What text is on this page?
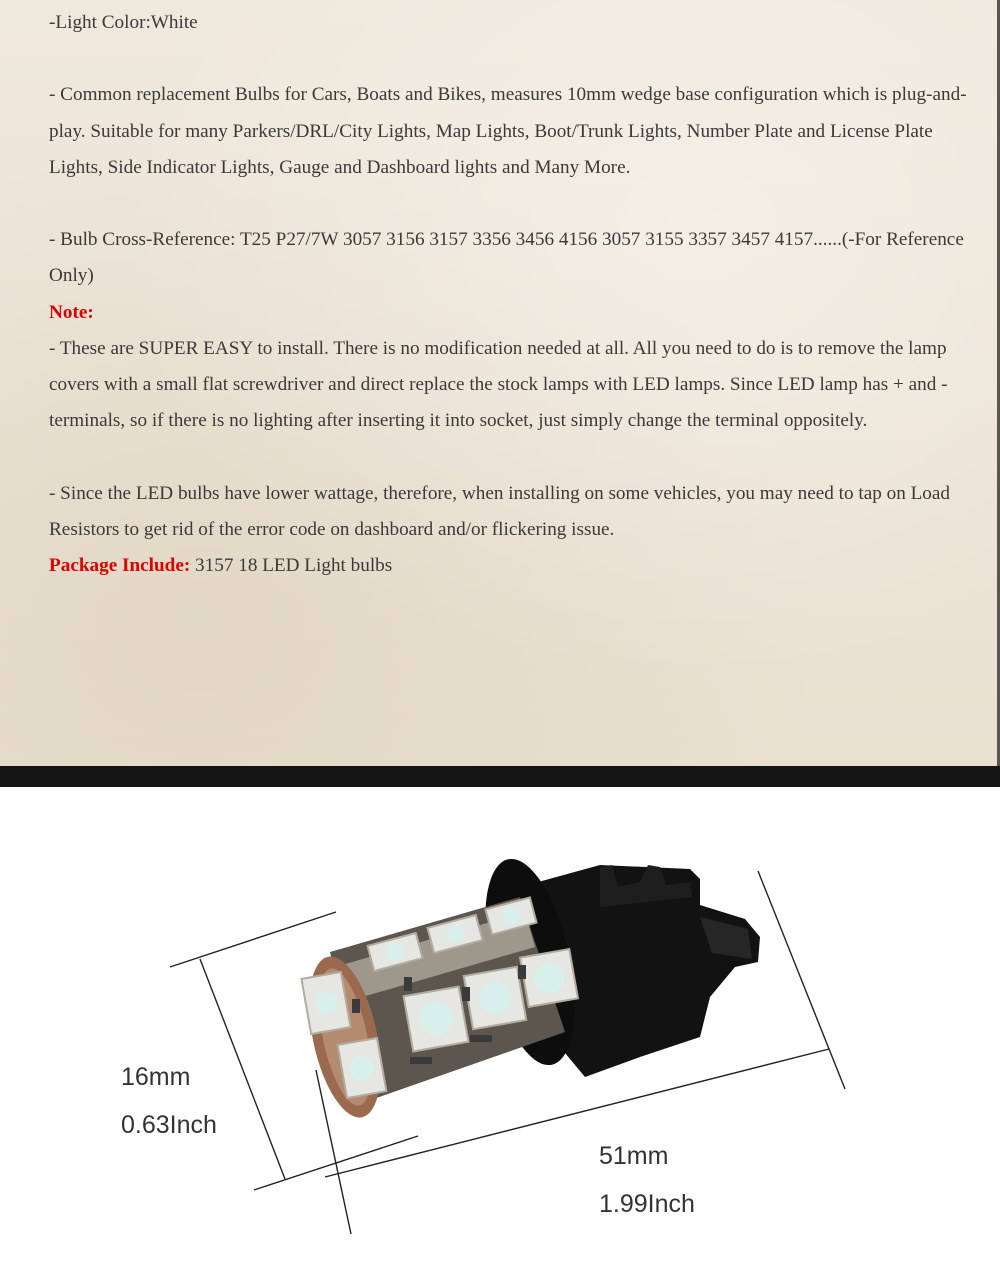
-Light Color:White

- Common replacement Bulbs for Cars, Boats and Bikes, measures 10mm wedge base configuration which is plug-and-play. Suitable for many Parkers/DRL/City Lights, Map Lights, Boot/Trunk Lights, Number Plate and License Plate Lights, Side Indicator Lights, Gauge and Dashboard lights and Many More.

- Bulb Cross-Reference: T25 P27/7W 3057 3156 3157 3356 3456 4156 3057 3155 3357 3457 4157......(-For Reference Only)

Note:

- These are SUPER EASY to install. There is no modification needed at all. All you need to do is to remove the lamp covers with a small flat screwdriver and direct replace the stock lamps with LED lamps. Since LED lamp has + and - terminals, so if there is no lighting after inserting it into socket, just simply change the terminal oppositely.

- Since the LED bulbs have lower wattage, therefore, when installing on some vehicles, you may need to tap on Load Resistors to get rid of the error code on dashboard and/or flickering issue.

Package Include: 3157 18 LED Light bulbs

16mm
0.63Inch
51mm
1.99Inch
